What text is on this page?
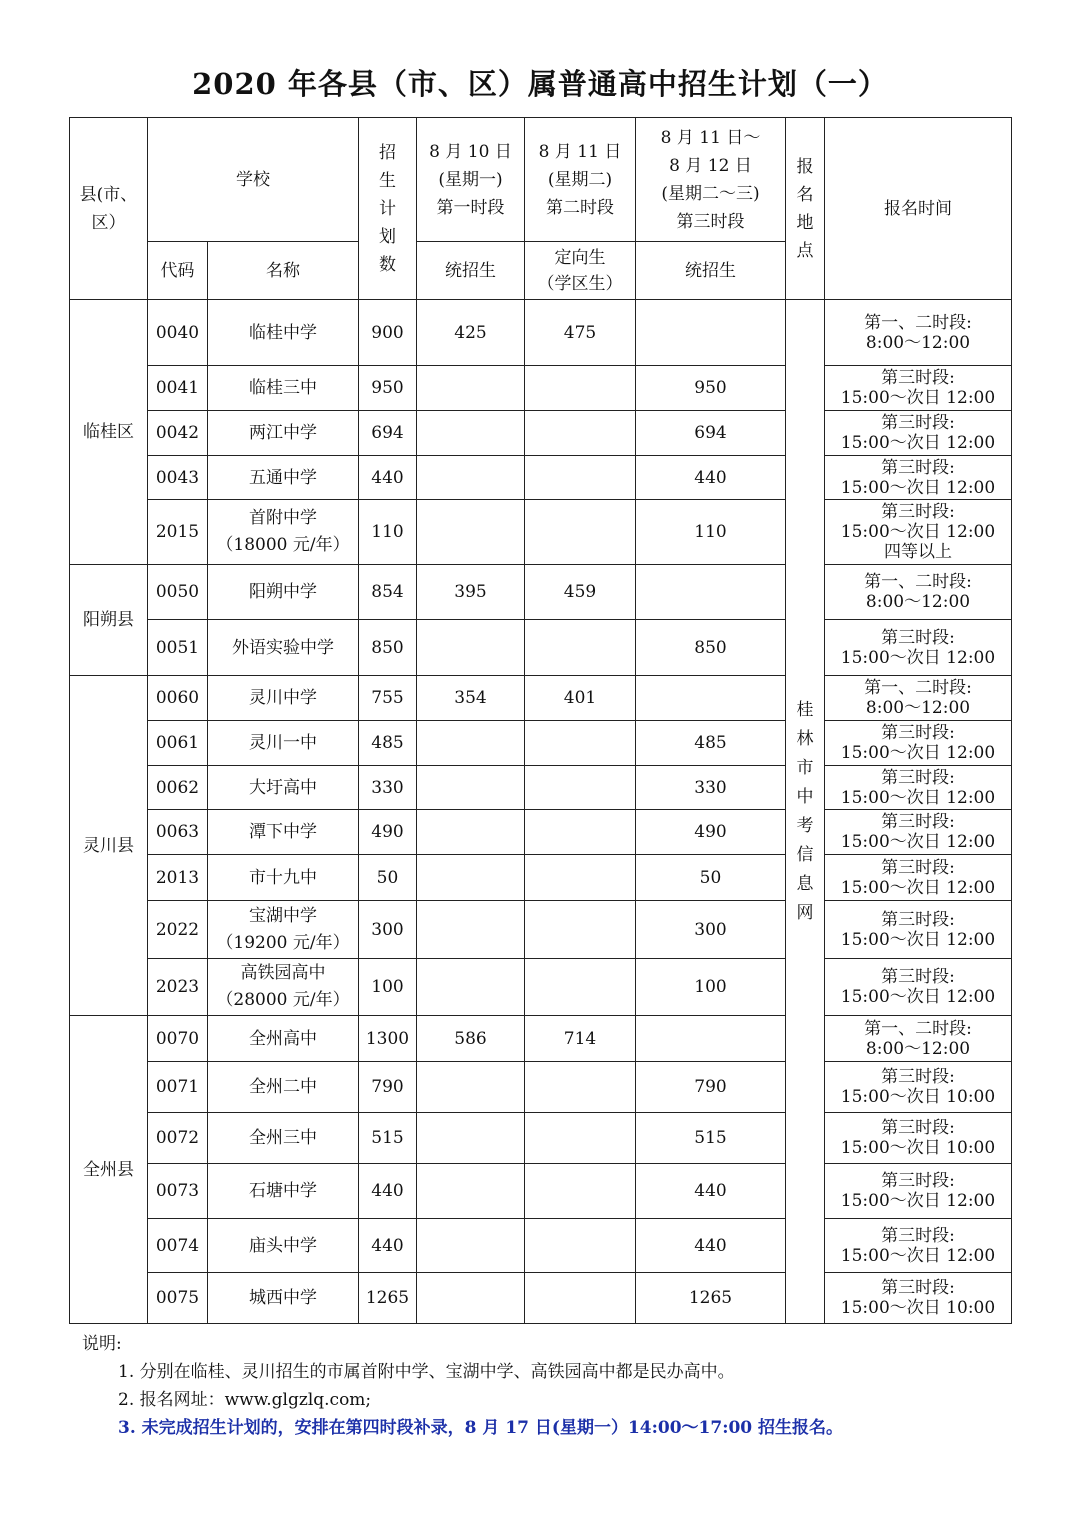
2020 年各县（市、区）属普通高中招生计划（一）
县(市、区）	学校		招生计划数	8 月 10 日
(星期一)
第一时段	8 月 11 日
(星期二)
第二时段	8 月 11 日～
8 月 12 日
(星期二～三)
第三时段	报名地点	报名时间
	代码	名称		统招生	定向生
（学区生）	统招生		
临桂区	0040	临桂中学	900	425	475		桂林市中考信息网	第一、二时段:
8:00～12:00

	0041	临桂三中	950			950		第三时段:
15:00～次日 12:00

	0042	两江中学	694			694		第三时段:
15:00～次日 12:00

	0043	五通中学	440			440		第三时段:
15:00～次日 12:00

	2015	首附中学
（18000 元/年）	110			110		第三时段:
15:00～次日 12:00
四等以上

阳朔县	0050	阳朔中学	854	395	459			第一、二时段:
8:00～12:00

	0051	外语实验中学	850			850		第三时段:
15:00～次日 12:00

灵川县	0060	灵川中学	755	354	401			第一、二时段:
8:00～12:00

	0061	灵川一中	485			485		第三时段:
15:00～次日 12:00

	0062	大圩高中	330			330		第三时段:
15:00～次日 12:00

	0063	潭下中学	490			490		第三时段:
15:00～次日 12:00

	2013	市十九中	50			50		第三时段:
15:00～次日 12:00

	2022	宝湖中学
（19200 元/年）	300			300		第三时段:
15:00～次日 12:00

	2023	高铁园高中
（28000 元/年）	100			100		第三时段:
15:00～次日 12:00

全州县	0070	全州高中	1300	586	714			第一、二时段:
8:00～12:00

	0071	全州二中	790			790		第三时段:
15:00～次日 10:00

	0072	全州三中	515			515		第三时段:
15:00～次日 10:00

	0073	石塘中学	440			440		第三时段:
15:00～次日 12:00

	0074	庙头中学	440			440		第三时段:
15:00～次日 12:00

	0075	城西中学	1265			1265		第三时段:
15:00～次日 10:00
说明:
1. 分别在临桂、灵川招生的市属首附中学、宝湖中学、高铁园高中都是民办高中。
2. 报名网址：www.glgzlq.com;
3. 未完成招生计划的，安排在第四时段补录，8 月 17 日(星期一）14:00～17:00 招生报名。
